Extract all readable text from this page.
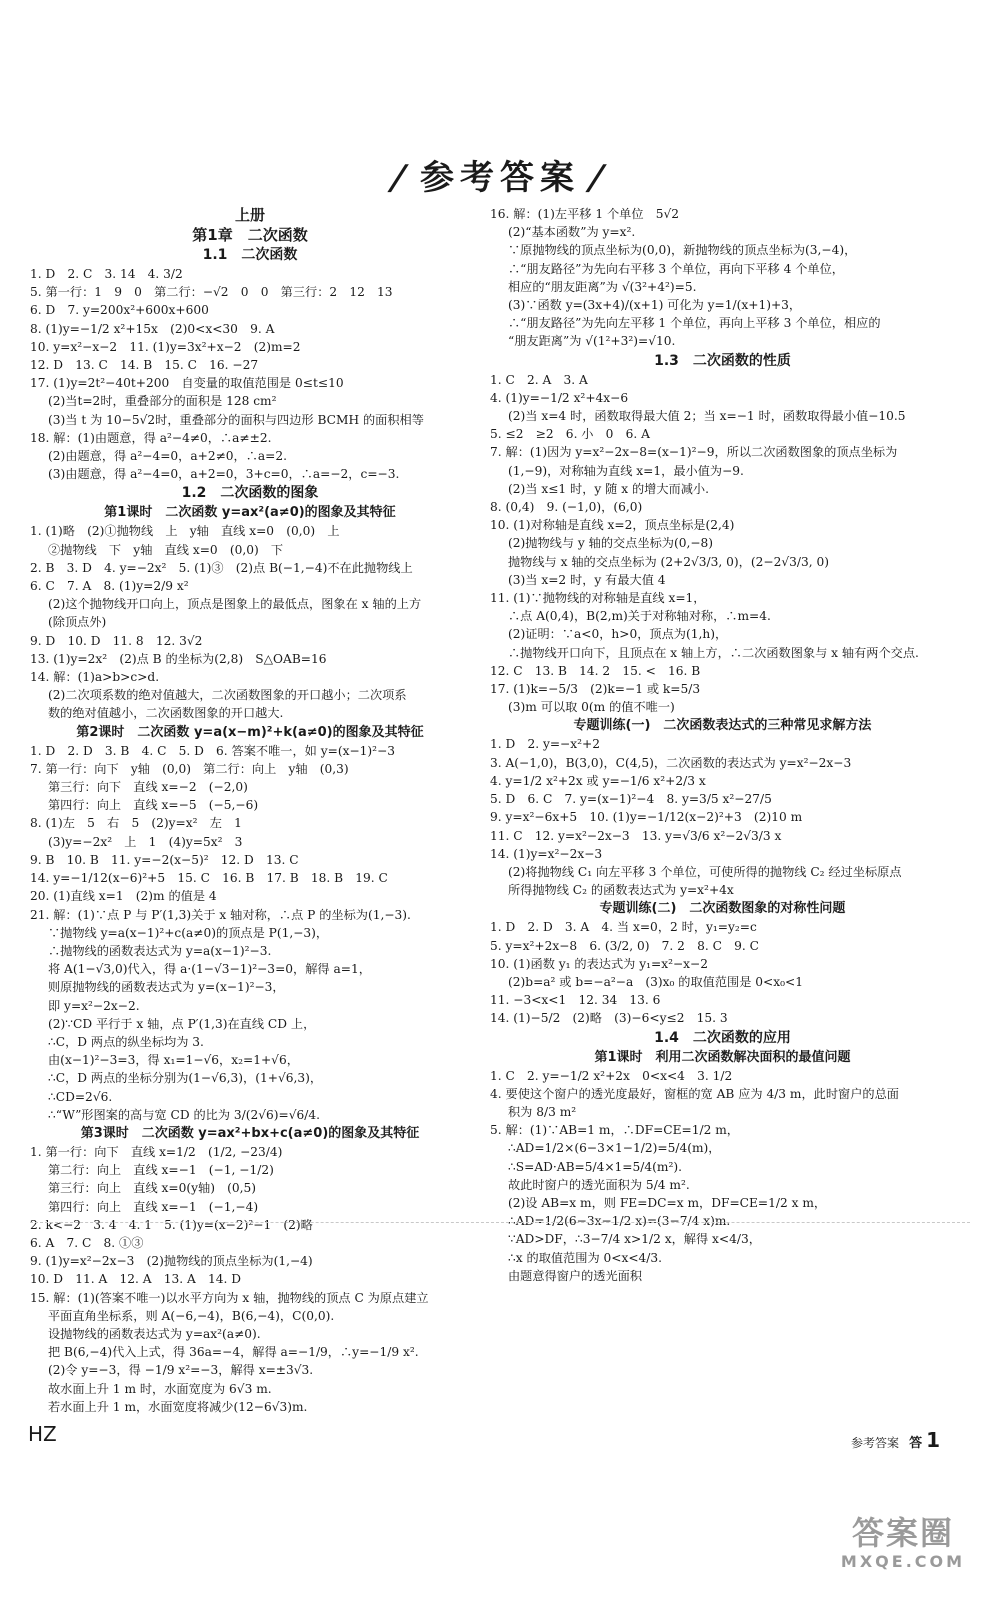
/ 参考答案 /
上册
第1章　二次函数
1.1　二次函数
1. D　2. C　3. 14　4. 3/2
5. 第一行：1　9　0　第二行：−√2　0　0　第三行：2　12　13
6. D　7. y=200x²+600x+600
8. (1)y=−1/2 x²+15x　(2)0<x<30　9. A
10. y=x²−x−2　11. (1)y=3x²+x−2　(2)m=2
12. D　13. C　14. B　15. C　16. −27
17. (1)y=2t²−40t+200　自变量的取值范围是 0≤t≤10
(2)当t=2时，重叠部分的面积是 128 cm²
(3)当 t 为 10−5√2时，重叠部分的面积与四边形 BCMH 的面积相等
18. 解：(1)由题意，得 a²−4≠0，∴a≠±2.
(2)由题意，得 a²−4=0，a+2≠0，∴a=2.
(3)由题意，得 a²−4=0，a+2=0，3+c=0，∴a=−2，c=−3.
1.2　二次函数的图象
第1课时　二次函数 y=ax²(a≠0)的图象及其特征
1. (1)略　(2)①抛物线　上　y轴　直线 x=0　(0,0)　上
②抛物线　下　y轴　直线 x=0　(0,0)　下
2. B　3. D　4. y=−2x²　5. (1)③　(2)点 B(−1,−4)不在此抛物线上
6. C　7. A　8. (1)y=2/9 x²
(2)这个抛物线开口向上，顶点是图象上的最低点，图象在 x 轴的上方
(除顶点外)
9. D　10. D　11. 8　12. 3√2
13. (1)y=2x²　(2)点 B 的坐标为(2,8)　S△OAB=16
14. 解：(1)a>b>c>d.
(2)二次项系数的绝对值越大，二次函数图象的开口越小；二次项系
数的绝对值越小，二次函数图象的开口越大.
第2课时　二次函数 y=a(x−m)²+k(a≠0)的图象及其特征
1. D　2. D　3. B　4. C　5. D　6. 答案不唯一，如 y=(x−1)²−3
7. 第一行：向下　y轴　(0,0)　第二行：向上　y轴　(0,3)
第三行：向下　直线 x=−2　(−2,0)
第四行：向上　直线 x=−5　(−5,−6)
8. (1)左　5　右　5　(2)y=x²　左　1
(3)y=−2x²　上　1　(4)y=5x²　3
9. B　10. B　11. y=−2(x−5)²　12. D　13. C
14. y=−1/12(x−6)²+5　15. C　16. B　17. B　18. B　19. C
20. (1)直线 x=1　(2)m 的值是 4
21. 解：(1)∵点 P 与 P′(1,3)关于 x 轴对称，∴点 P 的坐标为(1,−3).
∵抛物线 y=a(x−1)²+c(a≠0)的顶点是 P(1,−3)，
∴抛物线的函数表达式为 y=a(x−1)²−3.
将 A(1−√3,0)代入，得 a·(1−√3−1)²−3=0，解得 a=1，
则原抛物线的函数表达式为 y=(x−1)²−3，
即 y=x²−2x−2.
(2)∵CD 平行于 x 轴，点 P′(1,3)在直线 CD 上，
∴C，D 两点的纵坐标均为 3.
由(x−1)²−3=3，得 x₁=1−√6，x₂=1+√6，
∴C，D 两点的坐标分别为(1−√6,3)，(1+√6,3)，
∴CD=2√6.
∴“W”形图案的高与宽 CD 的比为 3/(2√6)=√6/4.
第3课时　二次函数 y=ax²+bx+c(a≠0)的图象及其特征
1. 第一行：向下　直线 x=1/2　(1/2, −23/4)
第二行：向上　直线 x=−1　(−1, −1/2)
第三行：向上　直线 x=0(y轴)　(0,5)
第四行：向上　直线 x=−1　(−1,−4)
2. k<−2　3. 4　4. 1　5. (1)y=(x−2)²−1　(2)略
6. A　7. C　8. ①③
9. (1)y=x²−2x−3　(2)抛物线的顶点坐标为(1,−4)
10. D　11. A　12. A　13. A　14. D
15. 解：(1)(答案不唯一)以水平方向为 x 轴，抛物线的顶点 C 为原点建立
平面直角坐标系，则 A(−6,−4)，B(6,−4)，C(0,0).
设抛物线的函数表达式为 y=ax²(a≠0).
把 B(6,−4)代入上式，得 36a=−4，解得 a=−1/9，∴y=−1/9 x².
(2)令 y=−3，得 −1/9 x²=−3，解得 x=±3√3.
故水面上升 1 m 时，水面宽度为 6√3 m.
若水面上升 1 m，水面宽度将减少(12−6√3)m.
16. 解：(1)左平移 1 个单位　5√2
(2)“基本函数”为 y=x².
∵原抛物线的顶点坐标为(0,0)，新抛物线的顶点坐标为(3,−4)，
∴“朋友路径”为先向右平移 3 个单位，再向下平移 4 个单位，
相应的“朋友距离”为 √(3²+4²)=5.
(3)∵函数 y=(3x+4)/(x+1) 可化为 y=1/(x+1)+3，
∴“朋友路径”为先向左平移 1 个单位，再向上平移 3 个单位，相应的
“朋友距离”为 √(1²+3²)=√10.
1.3　二次函数的性质
1. C　2. A　3. A
4. (1)y=−1/2 x²+4x−6
(2)当 x=4 时，函数取得最大值 2；当 x=−1 时，函数取得最小值−10.5
5. ≤2　≥2　6. 小　0　6. A
7. 解：(1)因为 y=x²−2x−8=(x−1)²−9，所以二次函数图象的顶点坐标为
(1,−9)，对称轴为直线 x=1，最小值为−9.
(2)当 x≤1 时，y 随 x 的增大而减小.
8. (0,4)　9. (−1,0)，(6,0)
10. (1)对称轴是直线 x=2，顶点坐标是(2,4)
(2)抛物线与 y 轴的交点坐标为(0,−8)
抛物线与 x 轴的交点坐标为 (2+2√3/3, 0)，(2−2√3/3, 0)
(3)当 x=2 时，y 有最大值 4
11. (1)∵抛物线的对称轴是直线 x=1，
∴点 A(0,4)，B(2,m)关于对称轴对称，∴m=4.
(2)证明：∵a<0，h>0，顶点为(1,h)，
∴抛物线开口向下，且顶点在 x 轴上方，∴二次函数图象与 x 轴有两个交点.
12. C　13. B　14. 2　15. <　16. B
17. (1)k=−5/3　(2)k=−1 或 k=5/3
(3)m 可以取 0(m 的值不唯一)
专题训练(一)　二次函数表达式的三种常见求解方法
1. D　2. y=−x²+2
3. A(−1,0)，B(3,0)，C(4,5)，二次函数的表达式为 y=x²−2x−3
4. y=1/2 x²+2x 或 y=−1/6 x²+2/3 x
5. D　6. C　7. y=(x−1)²−4　8. y=3/5 x²−27/5
9. y=x²−6x+5　10. (1)y=−1/12(x−2)²+3　(2)10 m
11. C　12. y=x²−2x−3　13. y=√3/6 x²−2√3/3 x
14. (1)y=x²−2x−3
(2)将抛物线 C₁ 向左平移 3 个单位，可使所得的抛物线 C₂ 经过坐标原点
所得抛物线 C₂ 的函数表达式为 y=x²+4x
专题训练(二)　二次函数图象的对称性问题
1. D　2. D　3. A　4. 当 x=0，2 时，y₁=y₂=c
5. y=x²+2x−8　6. (3/2, 0)　7. 2　8. C　9. C
10. (1)函数 y₁ 的表达式为 y₁=x²−x−2
(2)b=a² 或 b=−a²−a　(3)x₀ 的取值范围是 0<x₀<1
11. −3<x<1　12. 34　13. 6
14. (1)−5/2　(2)略　(3)−6<y≤2　15. 3
1.4　二次函数的应用
第1课时　利用二次函数解决面积的最值问题
1. C　2. y=−1/2 x²+2x　0<x<4　3. 1/2
4. 要使这个窗户的透光度最好，窗框的宽 AB 应为 4/3 m，此时窗户的总面
积为 8/3 m²
5. 解：(1)∵AB=1 m，∴DF=CE=1/2 m，
∴AD=1/2×(6−3×1−1/2)=5/4(m)，
∴S=AD·AB=5/4×1=5/4(m²).
故此时窗户的透光面积为 5/4 m².
(2)设 AB=x m，则 FE=DC=x m，DF=CE=1/2 x m，
∴AD=1/2(6−3x−1/2 x)=(3−7/4 x)m.
∵AD>DF，∴3−7/4 x>1/2 x，解得 x<4/3，
∴x 的取值范围为 0<x<4/3.
由题意得窗户的透光面积
HZ	参考答案 答 1
答案圈
MXQE.COM
